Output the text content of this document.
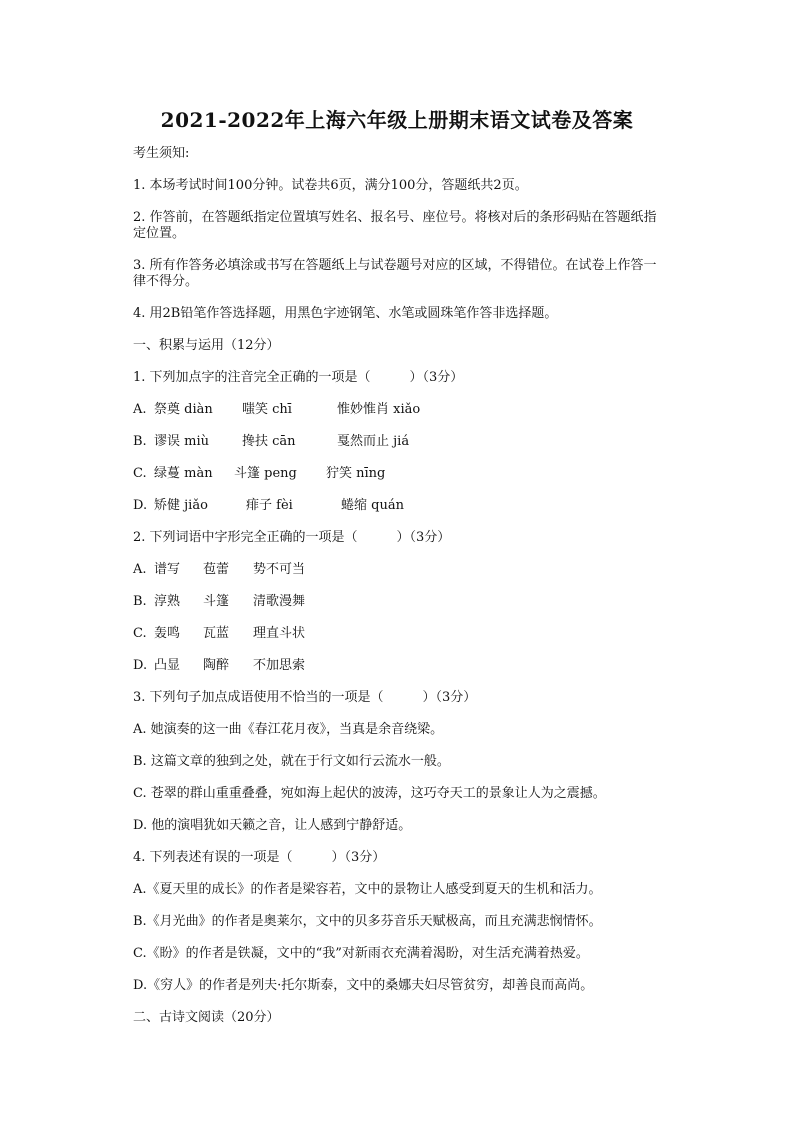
2021-2022年上海六年级上册期末语文试卷及答案
考生须知:
1. 本场考试时间100分钟。试卷共6页，满分100分，答题纸共2页。
2. 作答前，在答题纸指定位置填写姓名、报名号、座位号。将核对后的条形码贴在答题纸指定位置。
3. 所有作答务必填涂或书写在答题纸上与试卷题号对应的区域，不得错位。在试卷上作答一律不得分。
4. 用2B铅笔作答选择题，用黑色字迹钢笔、水笔或圆珠笔作答非选择题。
一、积累与运用（12分）
1. 下列加点字的注音完全正确的一项是（　　　）（3分）
A. 祭奠 diàn 嗤笑 chī	惟妙惟肖 xiǎo
B. 谬误 miù	搀扶 cān	戛然而止 jiá
C. 绿蔓 màn 斗篷 peng 狞笑 nīng
D. 矫健 jiǎo	痱子 fèi	蜷缩 quán
2. 下列词语中字形完全正确的一项是（　　　）（3分）
A. 谱写 苞蕾 势不可当
B. 淳熟 斗篷 清歌漫舞
C. 轰鸣 瓦蓝 理直斗状
D. 凸显 陶醉 不加思索
3. 下列句子加点成语使用不恰当的一项是（　　　）（3分）
A. 她演奏的这一曲《春江花月夜》，当真是余音绕梁。
B. 这篇文章的独到之处，就在于行文如行云流水一般。
C. 苍翠的群山重重叠叠，宛如海上起伏的波涛，这巧夺天工的景象让人为之震撼。
D. 他的演唱犹如天籁之音，让人感到宁静舒适。
4. 下列表述有误的一项是（　　　）（3分）
A.《夏天里的成长》的作者是梁容若，文中的景物让人感受到夏天的生机和活力。
B.《月光曲》的作者是奥莱尔，文中的贝多芬音乐天赋极高，而且充满悲悯情怀。
C.《盼》的作者是铁凝，文中的“我”对新雨衣充满着渴盼，对生活充满着热爱。
D.《穷人》的作者是列夫·托尔斯泰，文中的桑娜夫妇尽管贫穷，却善良而高尚。
二、古诗文阅读（20分）
